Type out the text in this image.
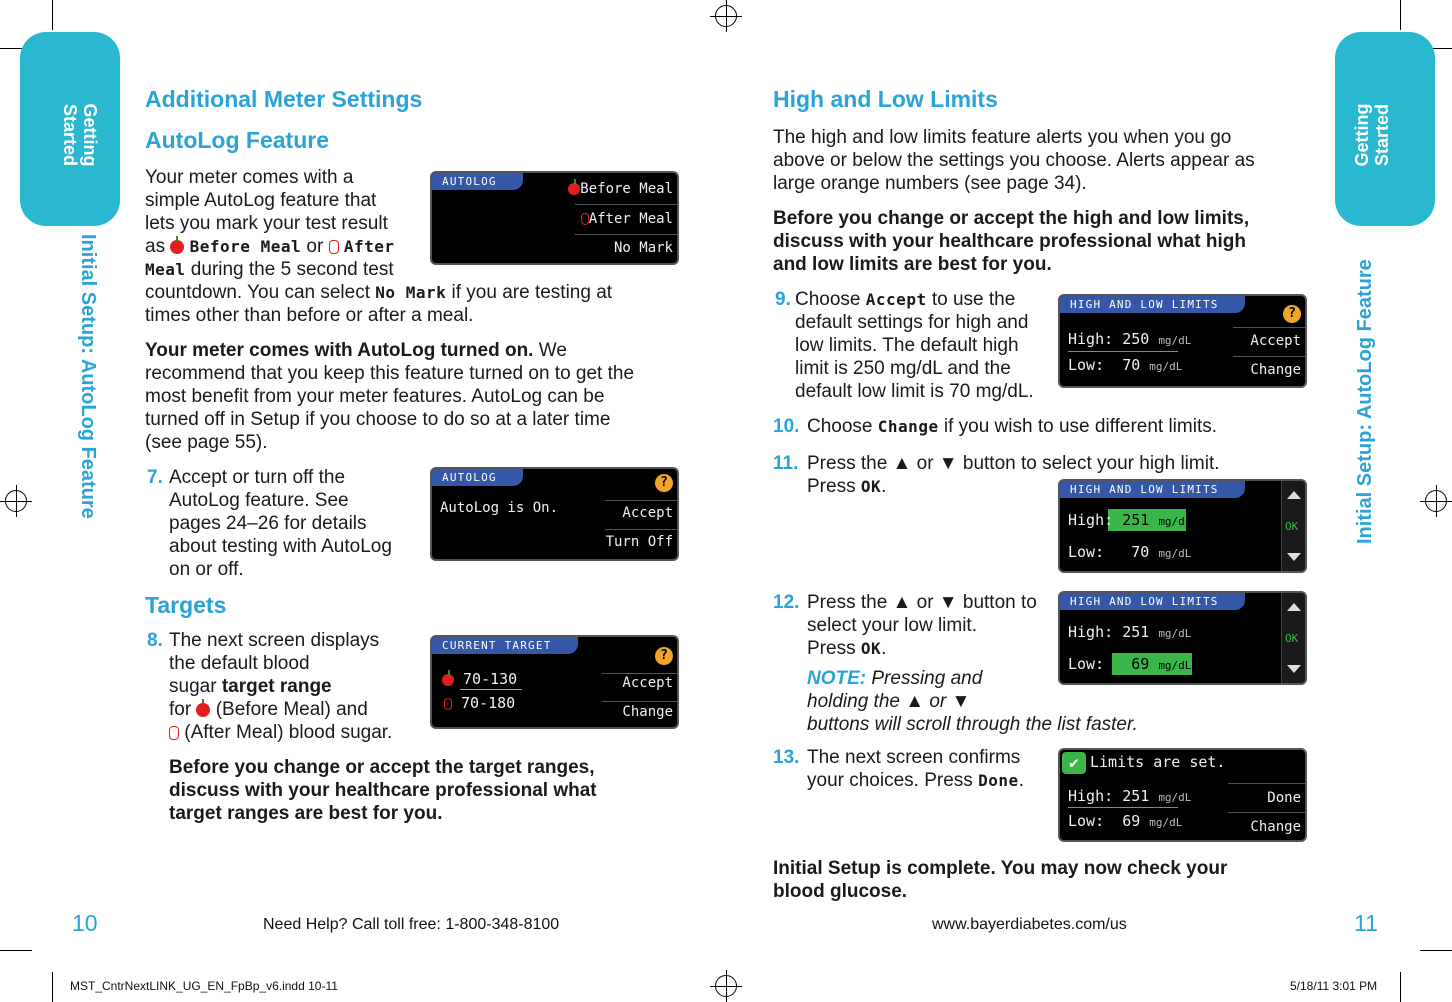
Getting
Started
Initial Setup: AutoLog Feature
Getting Started
Initial Setup: AutoLog Feature
Additional Meter Settings
AutoLog Feature
Your meter comes with a
simple AutoLog feature that
lets you mark your test result
as  Before Meal or  After
Meal during the 5 second test
countdown. You can select No Mark if you are testing at
times other than before or after a meal.
Your meter comes with AutoLog turned on. We
recommend that you keep this feature turned on to get the
most benefit from your meter features. AutoLog can be
turned off in Setup if you choose to do so at a later time
(see page 55).
7. Accept or turn off the
AutoLog feature. See
pages 24–26 for details
about testing with AutoLog
on or off.
Targets
8. The next screen displays
the default blood
sugar target range
for  (Before Meal) and
(After Meal) blood sugar.
Before you change or accept the target ranges,
discuss with your healthcare professional what
target ranges are best for you.
10	Need Help? Call toll free: 1-800-348-8100
AUTOLOG	Before Meal
After Meal
No Mark
AUTOLOG	?
AutoLog is On.	Accept
Turn Off
CURRENT TARGET
?
70-130
70-180
Accept
Change
High and Low Limits
The high and low limits feature alerts you when you go
above or below the settings you choose. Alerts appear as
large orange numbers (see page 34).
Before you change or accept the high and low limits,
discuss with your healthcare professional what high
and low limits are best for you.
9. Choose Accept to use the
default settings for high and
low limits. The default high
limit is 250 mg/dL and the
default low limit is 70 mg/dL.
10. Choose Change if you wish to use different limits.
11. Press the ▲ or ▼ button to select your high limit.
Press OK.
12. Press the ▲ or ▼ button to
select your low limit.
Press OK.
NOTE: Pressing and
holding the ▲ or ▼
buttons will scroll through the list faster.
13. The next screen confirms
your choices. Press Done.
Initial Setup is complete. You may now check your
blood glucose.
11
www.bayerdiabetes.com/us
HIGH AND LOW LIMITS
?
High: 250 mg/dL
Low: 70 mg/dL
Accept
Change
HIGH AND LOW LIMITS
High: 251 mg/dL
Low: 70 mg/dL
OK
HIGH AND LOW LIMITS
High: 251 mg/dL
Low: 69 mg/dL
OK
✔ Limits are set.
High: 251 mg/dL
Low: 69 mg/dL
Done
Change
MST_CntrNextLINK_UG_EN_FpBp_v6.indd 10-11	5/18/11 3:01 PM
